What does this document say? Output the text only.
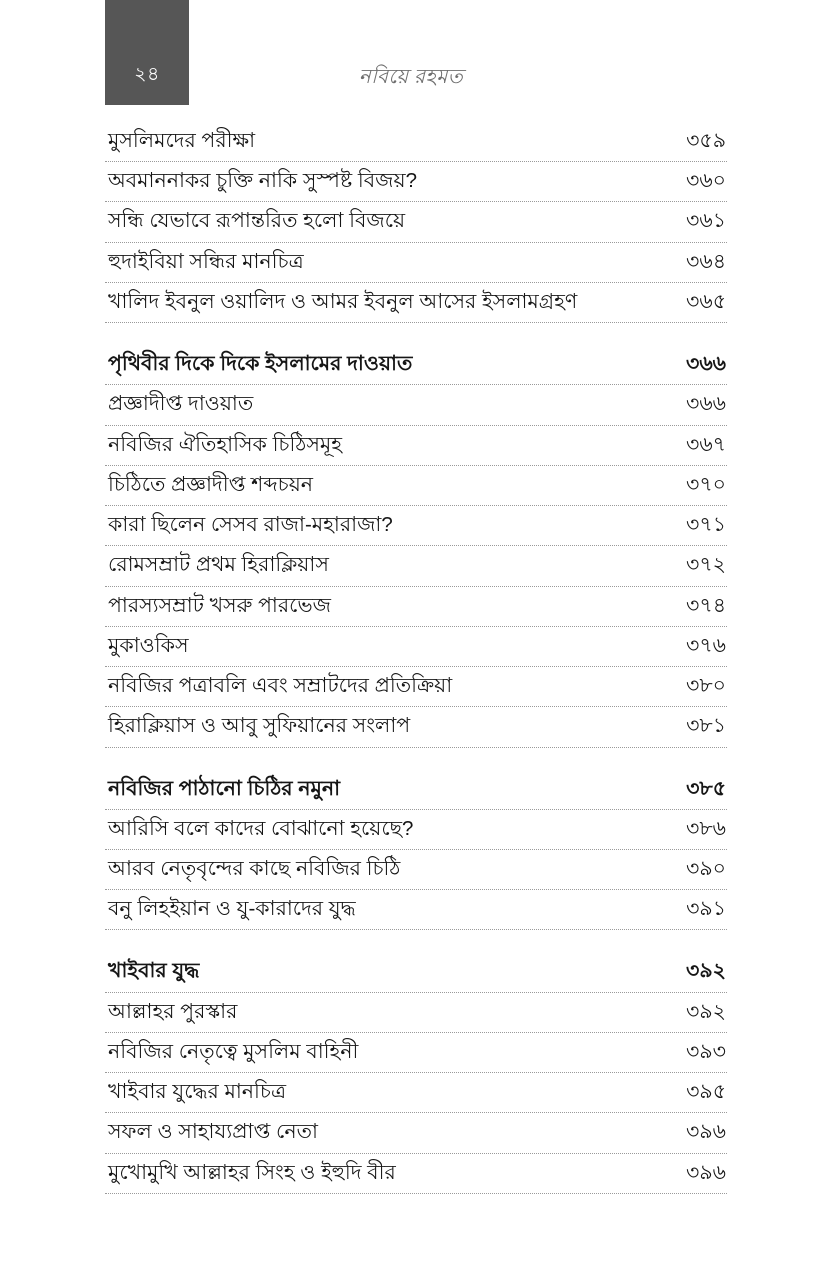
২৪	নবিয়ে রহমত
মুসলিমদের পরীক্ষা	৩৫৯
অবমাননাকর চুক্তি নাকি সুস্পষ্ট বিজয়?	৩৬০
সন্ধি যেভাবে রূপান্তরিত হলো বিজয়ে	৩৬১
হুদাইবিয়া সন্ধির মানচিত্র	৩৬৪
খালিদ ইবনুল ওয়ালিদ ও আমর ইবনুল আসের ইসলামগ্রহণ	৩৬৫
পৃথিবীর দিকে দিকে ইসলামের দাওয়াত	৩৬৬
প্রজ্ঞাদীপ্ত দাওয়াত	৩৬৬
নবিজির ঐতিহাসিক চিঠিসমূহ	৩৬৭
চিঠিতে প্রজ্ঞাদীপ্ত শব্দচয়ন	৩৭০
কারা ছিলেন সেসব রাজা-মহারাজা?	৩৭১
রোমসম্রাট প্রথম হিরাক্লিয়াস	৩৭২
পারস্যসম্রাট খসরু পারভেজ	৩৭৪
মুকাওকিস	৩৭৬
নবিজির পত্রাবলি এবং সম্রাটদের প্রতিক্রিয়া	৩৮০
হিরাক্লিয়াস ও আবু সুফিয়ানের সংলাপ	৩৮১
নবিজির পাঠানো চিঠির নমুনা	৩৮৫
আরিসি বলে কাদের বোঝানো হয়েছে?	৩৮৬
আরব নেতৃবৃন্দের কাছে নবিজির চিঠি	৩৯০
বনু লিহইয়ান ও যু-কারাদের যুদ্ধ	৩৯১
খাইবার যুদ্ধ	৩৯২
আল্লাহর পুরস্কার	৩৯২
নবিজির নেতৃত্বে মুসলিম বাহিনী	৩৯৩
খাইবার যুদ্ধের মানচিত্র	৩৯৫
সফল ও সাহায্যপ্রাপ্ত নেতা	৩৯৬
মুখোমুখি আল্লাহর সিংহ ও ইহুদি বীর	৩৯৬
